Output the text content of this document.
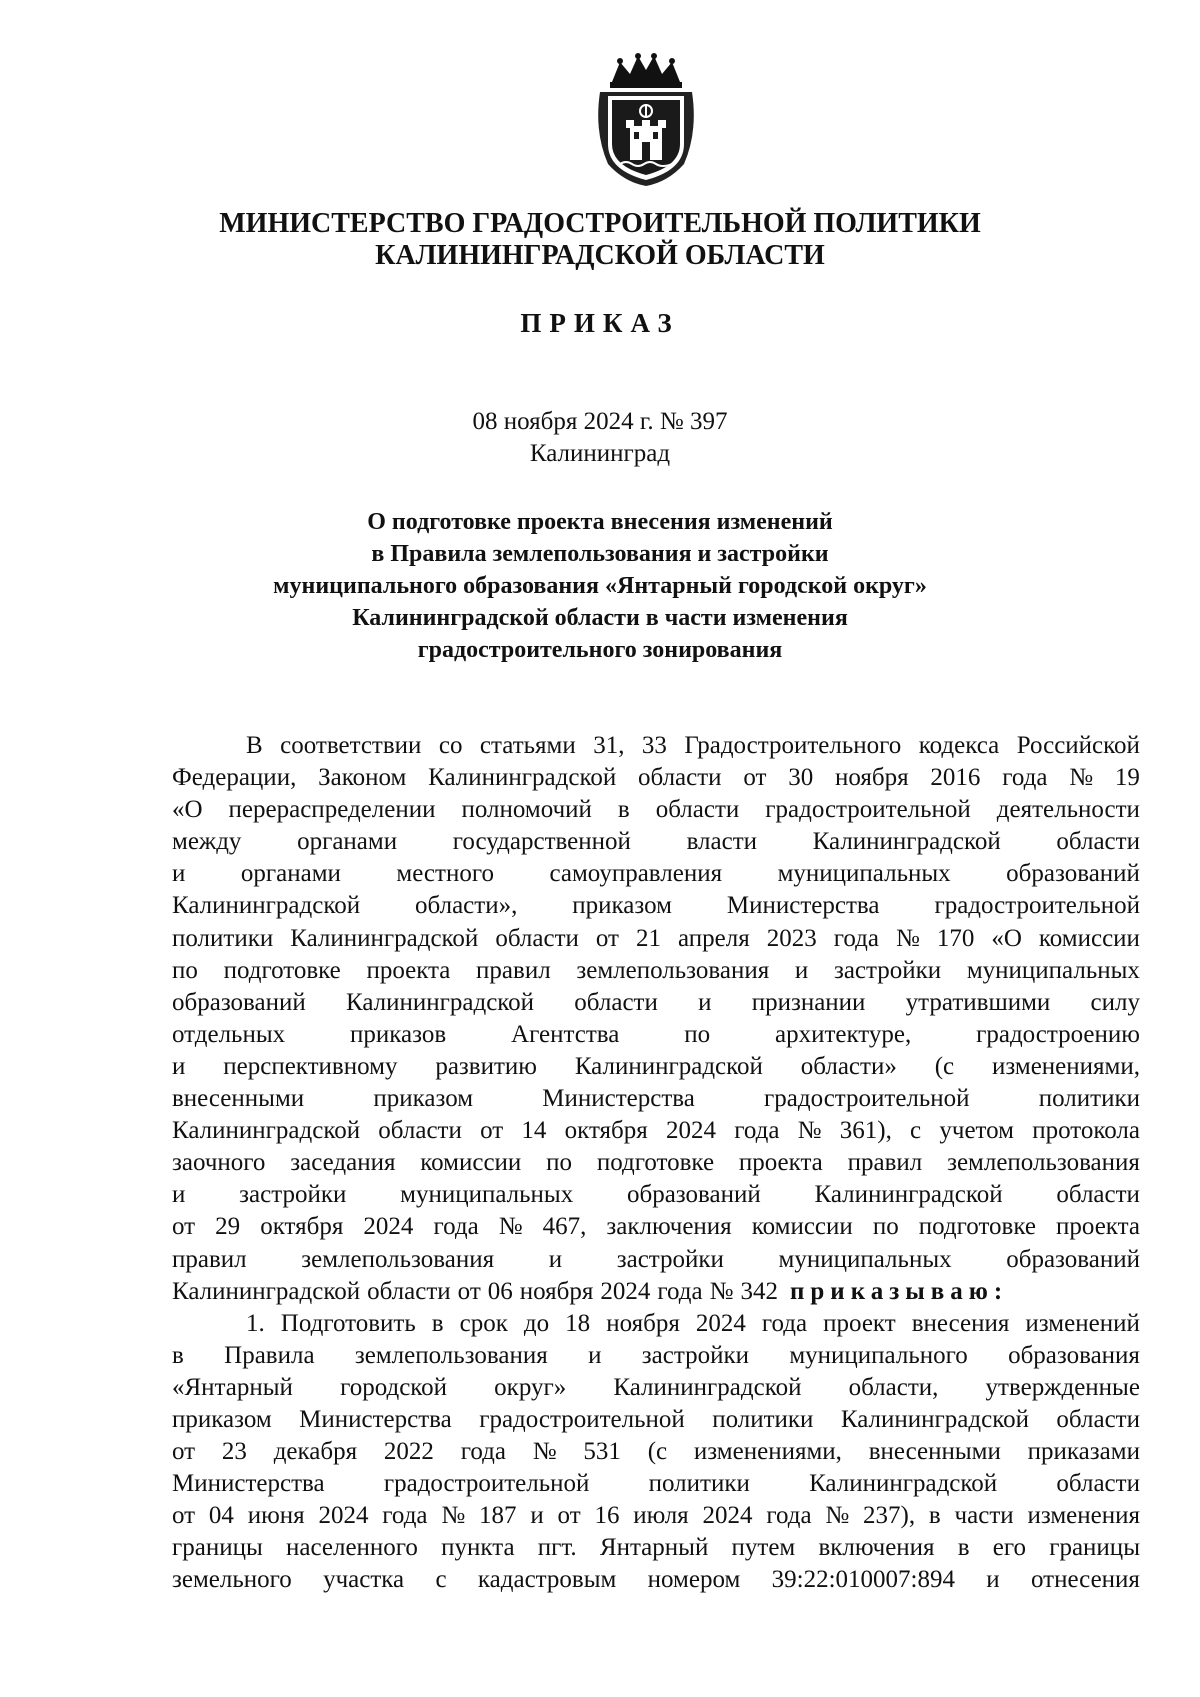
МИНИСТЕРСТВО ГРАДОСТРОИТЕЛЬНОЙ ПОЛИТИКИ
КАЛИНИНГРАДСКОЙ ОБЛАСТИ
ПРИКАЗ
08 ноября 2024 г. № 397
Калининград
О подготовке проекта внесения изменений
в Правила землепользования и застройки
муниципального образования «Янтарный городской округ»
Калининградской области в части изменения
градостроительного зонирования
В соответствии со статьями 31, 33 Градостроительного кодекса Российской
Федерации, Законом Калининградской области от 30 ноября 2016 года № 19
«О перераспределении полномочий в области градостроительной деятельности
между органами государственной власти Калининградской области
и органами местного самоуправления муниципальных образований
Калининградской области», приказом Министерства градостроительной
политики Калининградской области от 21 апреля 2023 года № 170 «О комиссии
по подготовке проекта правил землепользования и застройки муниципальных
образований Калининградской области и признании утратившими силу
отдельных	приказов	Агентства	по	архитектуре,	градостроению
и перспективному развитию Калининградской области» (с изменениями,
внесенными	приказом	Министерства	градостроительной	политики
Калининградской области от 14 октября 2024 года № 361), с учетом протокола
заочного заседания комиссии по подготовке проекта правил землепользования
и застройки муниципальных образований Калининградской области
от 29 октября 2024 года № 467, заключения комиссии по подготовке проекта
правил землепользования и застройки муниципальных образований
Калининградской области от 06 ноября 2024 года № 342 приказываю:
1. Подготовить в срок до 18 ноября 2024 года проект внесения изменений
в Правила землепользования и застройки муниципального образования
«Янтарный городской округ» Калининградской области, утвержденные
приказом Министерства градостроительной политики Калининградской области
от 23 декабря 2022 года № 531 (с изменениями, внесенными приказами
Министерства градостроительной политики Калининградской области
от 04 июня 2024 года № 187 и от 16 июля 2024 года № 237), в части изменения
границы населенного пункта пгт. Янтарный путем включения в его границы
земельного участка с кадастровым номером 39:22:010007:894 и отнесения
